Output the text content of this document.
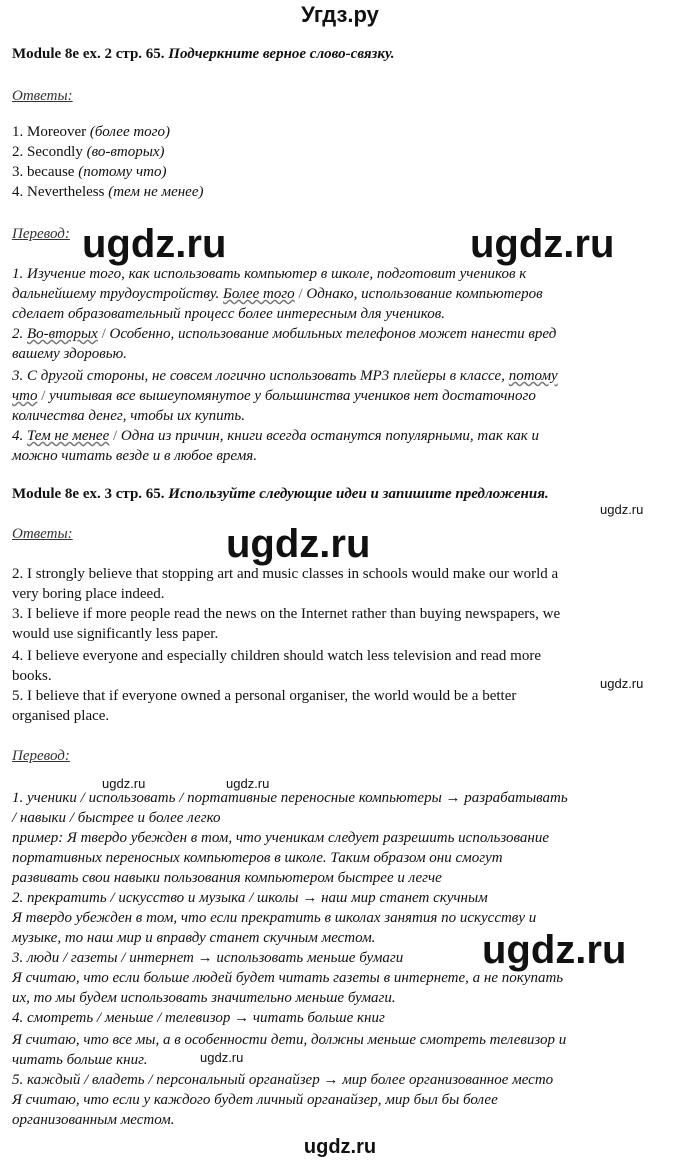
Угдз.ру
Module 8e ex. 2 стр. 65. Подчеркните верное слово-связку.
Ответы:
1. Moreover (более того)
2. Secondly (во-вторых)
3. because (потому что)
4. Nevertheless (тем не менее)
Перевод:
1. Изучение того, как использовать компьютер в школе, подготовит учеников к
дальнейшему трудоустройству. Более того / Однако, использование компьютеров
сделает образовательный процесс более интересным для учеников.
2. Во-вторых / Особенно, использование мобильных телефонов может нанести вред
вашему здоровью.
3. С другой стороны, не совсем логично использовать MP3 плейеры в классе, потому
что / учитывая все вышеупомянутое у большинства учеников нет достаточного
количества денег, чтобы их купить.
4. Тем не менее / Одна из причин, книги всегда останутся популярными, так как и
можно читать везде и в любое время.
Module 8e ex. 3 стр. 65. Используйте следующие идеи и запишите предложения.
Ответы:
2. I strongly believe that stopping art and music classes in schools would make our world a
very boring place indeed.
3. I believe if more people read the news on the Internet rather than buying newspapers, we
would use significantly less paper.
4. I believe everyone and especially children should watch less television and read more
books.
5. I believe that if everyone owned a personal organiser, the world would be a better
organised place.
Перевод:
1. ученики / использовать / портативные переносные компьютеры → разрабатывать
/ навыки / быстрее и более легко
пример: Я твердо убежден в том, что ученикам следует разрешить использование
портативных переносных компьютеров в школе. Таким образом они смогут
развивать свои навыки пользования компьютером быстрее и легче
2. прекратить / искусство и музыка / школы → наш мир станет скучным
Я твердо убежден в том, что если прекратить в школах занятия по искусству и
музыке, то наш мир и вправду станет скучным местом.
3. люди / газеты / интернет → использовать меньше бумаги
Я считаю, что если больше людей будет читать газеты в интернете, а не покупать
их, то мы будем использовать значительно меньше бумаги.
4. смотреть / меньше / телевизор → читать больше книг
Я считаю, что все мы, а в особенности дети, должны меньше смотреть телевизор и
читать больше книг.
5. каждый / владеть / персональный органайзер → мир более организованное место
Я считаю, что если у каждого будет личный органайзер, мир был бы более
организованным местом.
ugdz.ru	ugdz.ru
ugdz.ru
ugdz.ru
ugdz.ru
ugdz.ru
ugdz.ru	ugdz.ru
ugdz.ru
ugdz.ru
